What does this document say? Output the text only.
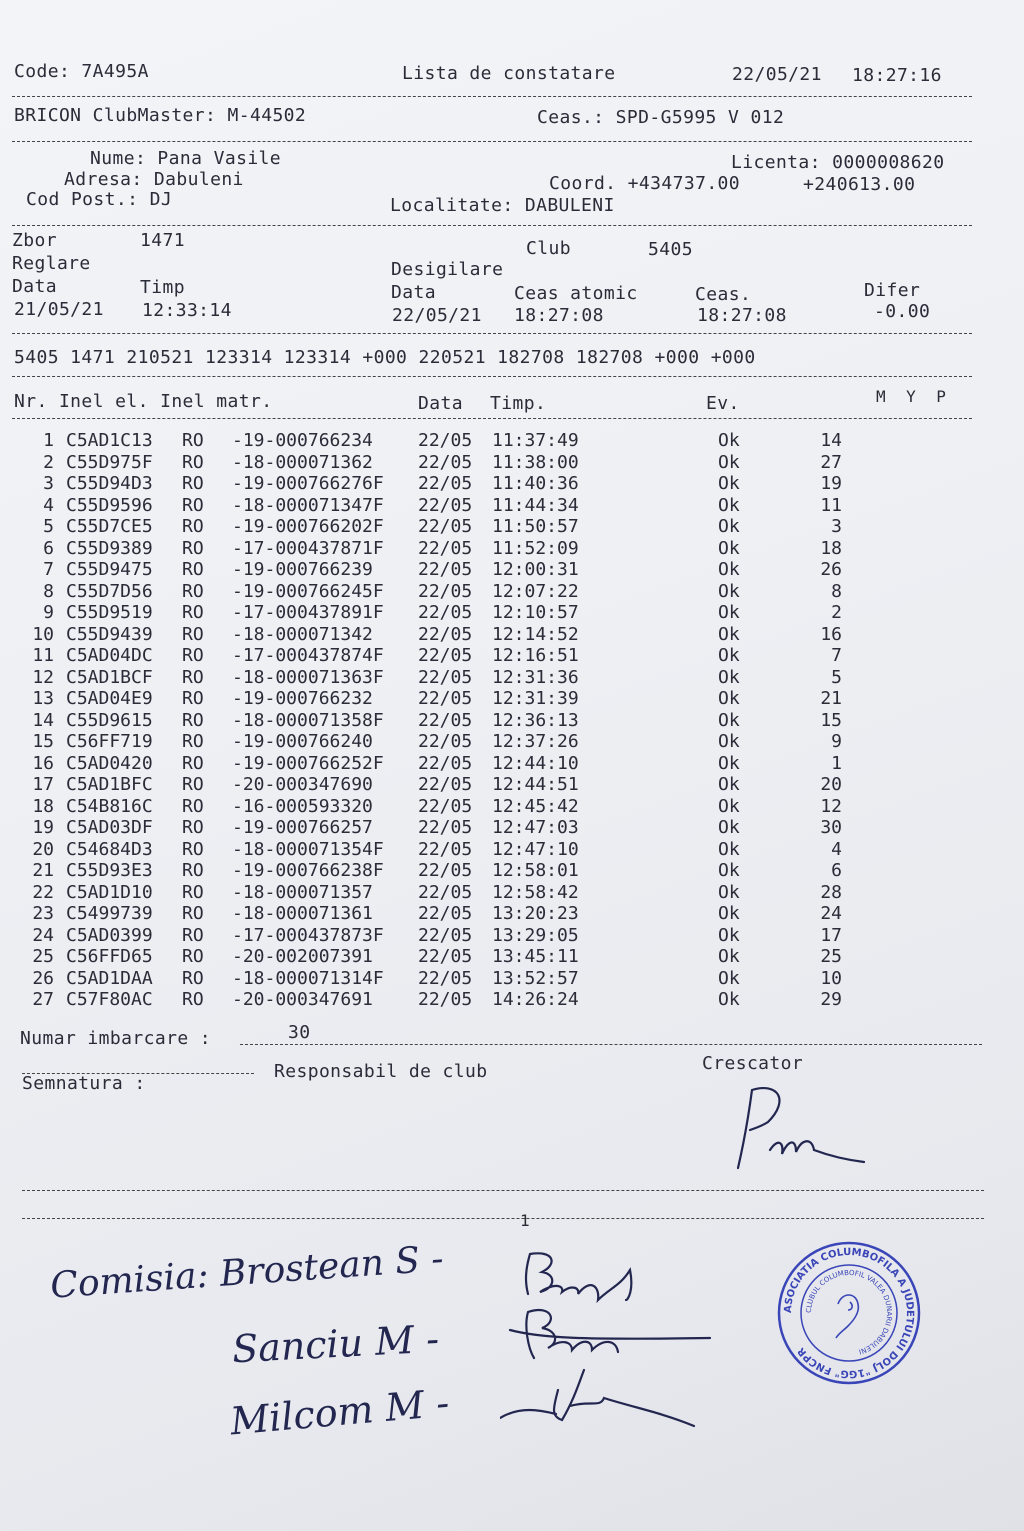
Code: 7A495A	Lista de constatare	22/05/21 18:27:16
BRICON ClubMaster: M-44502	Ceas.: SPD-G5995 V 012
Nume: Pana Vasile
Adresa: Dabuleni
Cod Post.: DJ
Licenta: 0000008620
Coord. +434737.00	+240613.00
Localitate: DABULENI
Zbor	1471	Club	5405
Reglare	Desigilare
Data	Timp	Data	Ceas atomic	Ceas.	Difer
21/05/21 12:33:14	22/05/21 18:27:08	18:27:08	-0.00
5405 1471 210521 123314 123314 +000 220521 182708 182708 +000 +000
Nr. Inel el. Inel matr.	Data Timp.	Ev.	M  Y  P
1 C5AD1C13 RO -19-000766234	22/05 11:37:49	Ok	14
2 C55D975F RO -18-000071362	22/05 11:38:00	Ok	27
3 C55D94D3 RO -19-000766276F 22/05 11:40:36	Ok	19
4 C55D9596 RO -18-000071347F 22/05 11:44:34	Ok	11
5 C55D7CE5 RO -19-000766202F 22/05 11:50:57	Ok	3
6 C55D9389 RO -17-000437871F 22/05 11:52:09	Ok	18
7 C55D9475 RO -19-000766239	22/05 12:00:31	Ok	26
8 C55D7D56 RO -19-000766245F 22/05 12:07:22	Ok	8
9 C55D9519 RO -17-000437891F 22/05 12:10:57	Ok	2
10 C55D9439 RO -18-000071342	22/05 12:14:52	Ok	16
11 C5AD04DC RO -17-000437874F 22/05 12:16:51	Ok	7
12 C5AD1BCF RO -18-000071363F 22/05 12:31:36	Ok	5
13 C5AD04E9 RO -19-000766232	22/05 12:31:39	Ok	21
14 C55D9615 RO -18-000071358F 22/05 12:36:13	Ok	15
15 C56FF719 RO -19-000766240	22/05 12:37:26	Ok	9
16 C5AD0420 RO -19-000766252F 22/05 12:44:10	Ok	1
17 C5AD1BFC RO -20-000347690	22/05 12:44:51	Ok	20
18 C54B816C RO -16-000593320	22/05 12:45:42	Ok	12
19 C5AD03DF RO -19-000766257	22/05 12:47:03	Ok	30
20 C54684D3 RO -18-000071354F 22/05 12:47:10	Ok	4
21 C55D93E3 RO -19-000766238F 22/05 12:58:01	Ok	6
22 C5AD1D10 RO -18-000071357	22/05 12:58:42	Ok	28
23 C5499739 RO -18-000071361	22/05 13:20:23	Ok	24
24 C5AD0399 RO -17-000437873F 22/05 13:29:05	Ok	17
25 C56FFD65 RO -20-002007391	22/05 13:45:11	Ok	25
26 C5AD1DAA RO -18-000071314F 22/05 13:52:57	Ok	10
27 C57F80AC RO -20-000347691	22/05 14:26:24	Ok	29
Numar imbarcare :	30
Semnatura :
Responsabil de club	Crescator
1
Comisia: Brostean S -
Sanciu M -
Milcom M -
ASOCIATIA COLUMBOFILA A JUDETULUI DOLJ "1GG" FNCPR
CLUBUL COLUMBOFIL VALEA DUNARII DABULENI
